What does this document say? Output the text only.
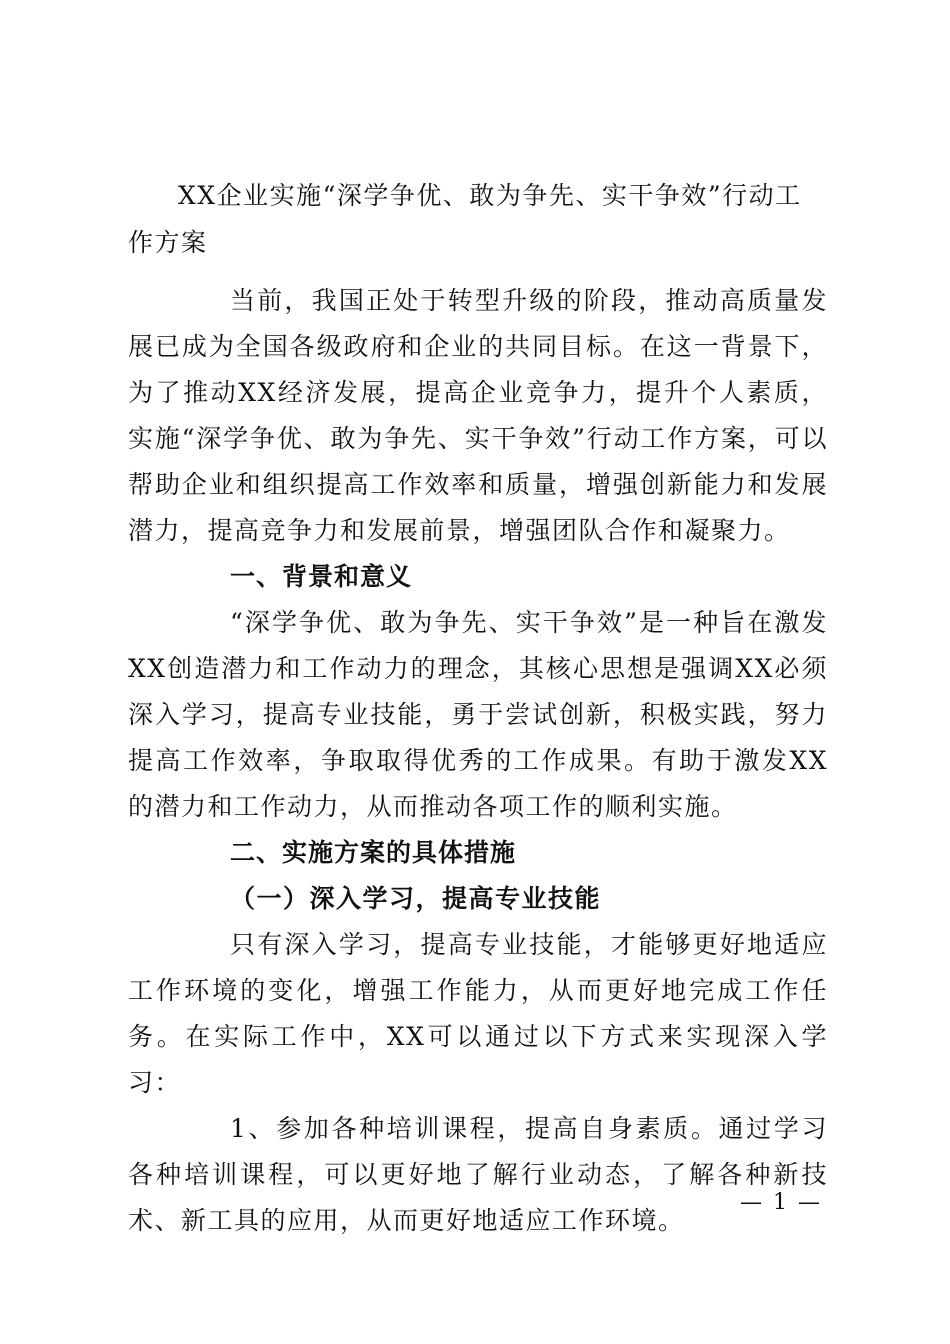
XX企业实施“深学争优、敢为争先、实干争效”行动工作方案

当前，我国正处于转型升级的阶段，推动高质量发展已成为全国各级政府和企业的共同目标。在这一背景下，为了推动XX经济发展，提高企业竞争力，提升个人素质，实施“深学争优、敢为争先、实干争效”行动工作方案，可以帮助企业和组织提高工作效率和质量，增强创新能力和发展潜力，提高竞争力和发展前景，增强团队合作和凝聚力。

一、背景和意义

“深学争优、敢为争先、实干争效”是一种旨在激发XX创造潜力和工作动力的理念，其核心思想是强调XX必须深入学习，提高专业技能，勇于尝试创新，积极实践，努力提高工作效率，争取取得优秀的工作成果。有助于激发XX的潜力和工作动力，从而推动各项工作的顺利实施。

二、实施方案的具体措施
（一）深入学习，提高专业技能

只有深入学习，提高专业技能，才能够更好地适应工作环境的变化，增强工作能力，从而更好地完成工作任务。在实际工作中，XX可以通过以下方式来实现深入学习：

1、参加各种培训课程，提高自身素质。通过学习各种培训课程，可以更好地了解行业动态，了解各种新技术、新工具的应用，从而更好地适应工作环境。

— 1 —
